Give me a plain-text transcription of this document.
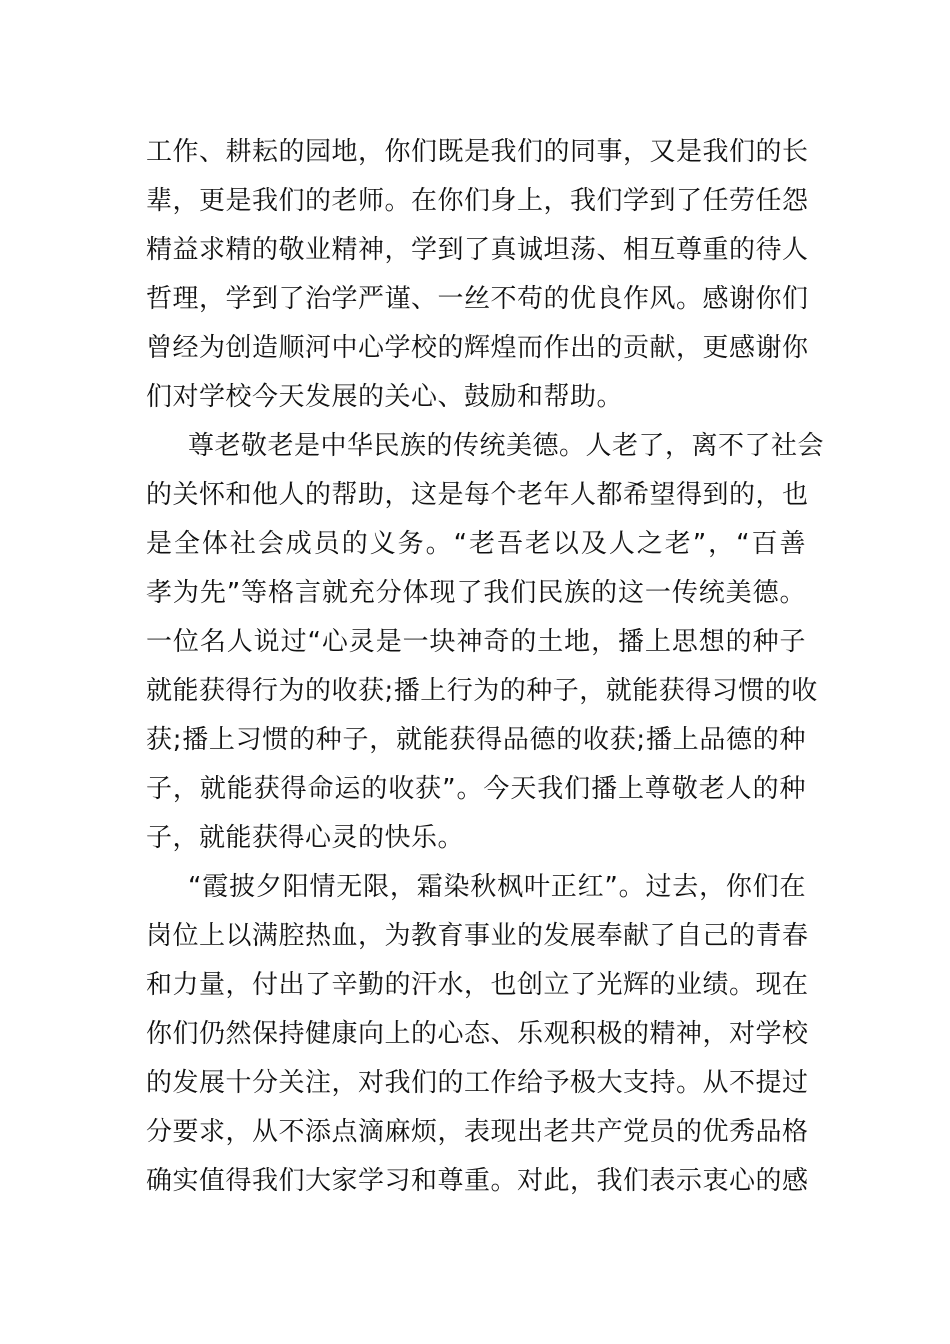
工作、耕耘的园地，你们既是我们的同事，又是我们的长
辈，更是我们的老师。在你们身上，我们学到了任劳任怨
精益求精的敬业精神，学到了真诚坦荡、相互尊重的待人
哲理，学到了治学严谨、一丝不苟的优良作风。感谢你们
曾经为创造顺河中心学校的辉煌而作出的贡献，更感谢你
们对学校今天发展的关心、鼓励和帮助。
尊老敬老是中华民族的传统美德。人老了，离不了社会
的关怀和他人的帮助，这是每个老年人都希望得到的，也
是全体社会成员的义务。“老吾老以及人之老”，“百善
孝为先”等格言就充分体现了我们民族的这一传统美德。
一位名人说过“心灵是一块神奇的土地，播上思想的种子
就能获得行为的收获;播上行为的种子，就能获得习惯的收
获;播上习惯的种子，就能获得品德的收获;播上品德的种
子，就能获得命运的收获”。今天我们播上尊敬老人的种
子，就能获得心灵的快乐。
“霞披夕阳情无限，霜染秋枫叶正红”。过去，你们在
岗位上以满腔热血，为教育事业的发展奉献了自己的青春
和力量，付出了辛勤的汗水，也创立了光辉的业绩。现在
你们仍然保持健康向上的心态、乐观积极的精神，对学校
的发展十分关注，对我们的工作给予极大支持。从不提过
分要求，从不添点滴麻烦，表现出老共产党员的优秀品格
确实值得我们大家学习和尊重。对此，我们表示衷心的感
